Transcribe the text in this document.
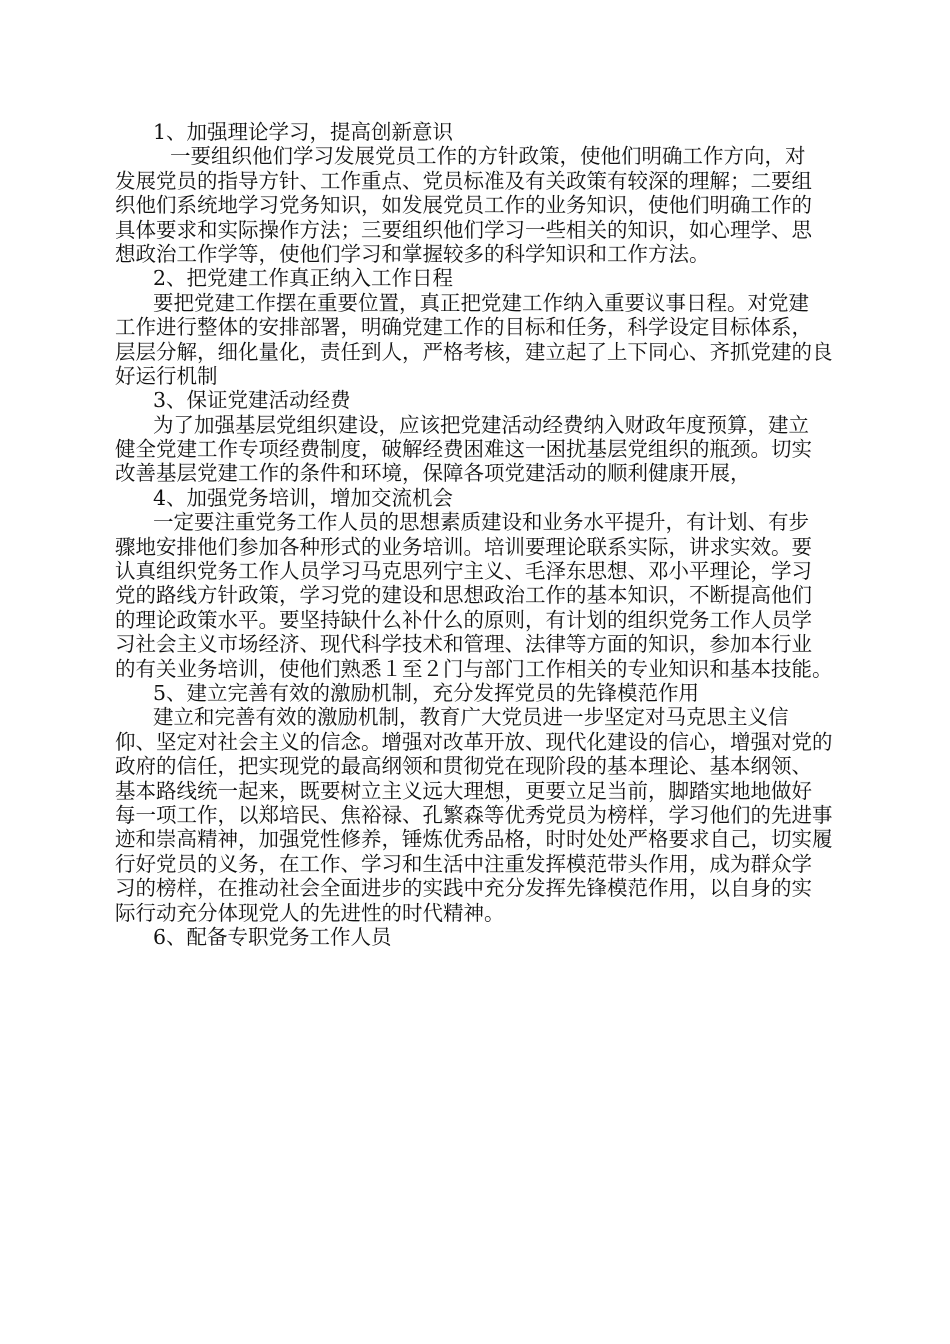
1、加强理论学习，提高创新意识
一要组织他们学习发展党员工作的方针政策，使他们明确工作方向，对
发展党员的指导方针、工作重点、党员标准及有关政策有较深的理解；二要组
织他们系统地学习党务知识，如发展党员工作的业务知识，使他们明确工作的
具体要求和实际操作方法；三要组织他们学习一些相关的知识，如心理学、思
想政治工作学等，使他们学习和掌握较多的科学知识和工作方法。
2、把党建工作真正纳入工作日程
要把党建工作摆在重要位置，真正把党建工作纳入重要议事日程。对党建
工作进行整体的安排部署，明确党建工作的目标和任务，科学设定目标体系，
层层分解，细化量化，责任到人，严格考核，建立起了上下同心、齐抓党建的良
好运行机制
3、保证党建活动经费
为了加强基层党组织建设，应该把党建活动经费纳入财政年度预算，建立
健全党建工作专项经费制度，破解经费困难这一困扰基层党组织的瓶颈。切实
改善基层党建工作的条件和环境，保障各项党建活动的顺利健康开展，
4、加强党务培训，增加交流机会
一定要注重党务工作人员的思想素质建设和业务水平提升，有计划、有步
骤地安排他们参加各种形式的业务培训。培训要理论联系实际，讲求实效。要
认真组织党务工作人员学习马克思列宁主义、毛泽东思想、邓小平理论，学习
党的路线方针政策，学习党的建设和思想政治工作的基本知识，不断提高他们
的理论政策水平。要坚持缺什么补什么的原则，有计划的组织党务工作人员学
习社会主义市场经济、现代科学技术和管理、法律等方面的知识，参加本行业
的有关业务培训，使他们熟悉１至２门与部门工作相关的专业知识和基本技能。
5、建立完善有效的激励机制，充分发挥党员的先锋模范作用
建立和完善有效的激励机制，教育广大党员进一步坚定对马克思主义信
仰、坚定对社会主义的信念。增强对改革开放、现代化建设的信心，增强对党的
政府的信任，把实现党的最高纲领和贯彻党在现阶段的基本理论、基本纲领、
基本路线统一起来，既要树立主义远大理想，更要立足当前，脚踏实地地做好
每一项工作，以郑培民、焦裕禄、孔繁森等优秀党员为榜样，学习他们的先进事
迹和崇高精神，加强党性修养，锤炼优秀品格，时时处处严格要求自己，切实履
行好党员的义务，在工作、学习和生活中注重发挥模范带头作用，成为群众学
习的榜样，在推动社会全面进步的实践中充分发挥先锋模范作用，以自身的实
际行动充分体现党人的先进性的时代精神。
6、配备专职党务工作人员
